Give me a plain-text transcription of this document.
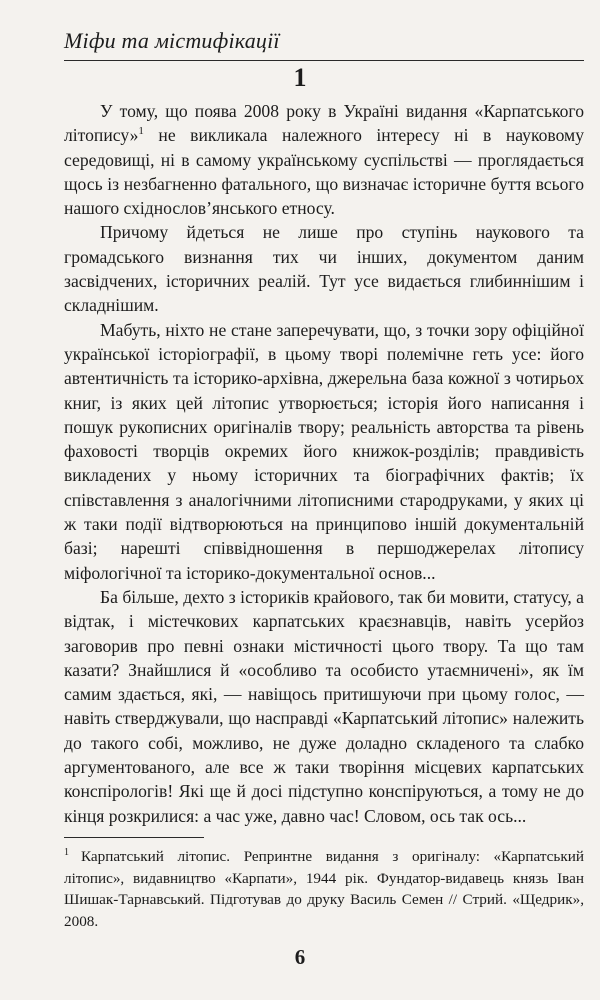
Міфи та містифікації
1

У тому, що поява 2008 року в Україні видання «Карпатського літопису»$^1$ не викликала належного інтересу ні в науковому середовищі, ні в самому українському суспільстві — проглядається щось із незбагненно фатального, що визначає історичне буття всього нашого східнослов’янського етносу.

Причому йдеться не лише про ступінь наукового та громадського визнання тих чи інших, документом даним засвідчених, історичних реалій. Тут усе видається глибиннішим і складнішим.

Мабуть, ніхто не стане заперечувати, що, з точки зору офіційної української історіографії, в цьому творі полемічне геть усе: його автентичність та історико-архівна, джерельна база кожної з чотирьох книг, із яких цей літопис утворюється; історія його написання і пошук рукописних оригіналів твору; реальність авторства та рівень фаховості творців окремих його книжок-розділів; правдивість викладених у ньому історичних та біографічних фактів; їх співставлення з аналогічними літописними стародруками, у яких ці ж таки події відтворюються на принципово іншій документальній базі; нарешті співвідношення в першоджерелах літопису міфологічної та історико-документальної основ...

Ба більше, дехто з істориків крайового, так би мовити, статусу, а відтак, і містечкових карпатських краєзнавців, навіть усерйоз заговорив про певні ознаки містичності цього твору. Та що там казати? Знайшлися й «особливо та особисто утаємничені», як їм самим здається, які, — навіщось притишуючи при цьому голос, — навіть стверджували, що насправді «Карпатський літопис» належить до такого собі, можливо, не дуже доладно складеного та слабко аргументованого, але все ж таки творіння місцевих карпатських конспірологів! Які ще й досі підступно конспіруються, а тому не до кінця розкрилися: а час уже, давно час! Словом, ось так ось...

$^1$ Карпатський літопис. Репринтне видання з оригіналу: «Карпатський літопис», видавництво «Карпати», 1944 рік. Фундатор-видавець князь Іван Шишак-Тарнавський. Підготував до друку Василь Семен // Стрий. «Щедрик», 2008.

6
